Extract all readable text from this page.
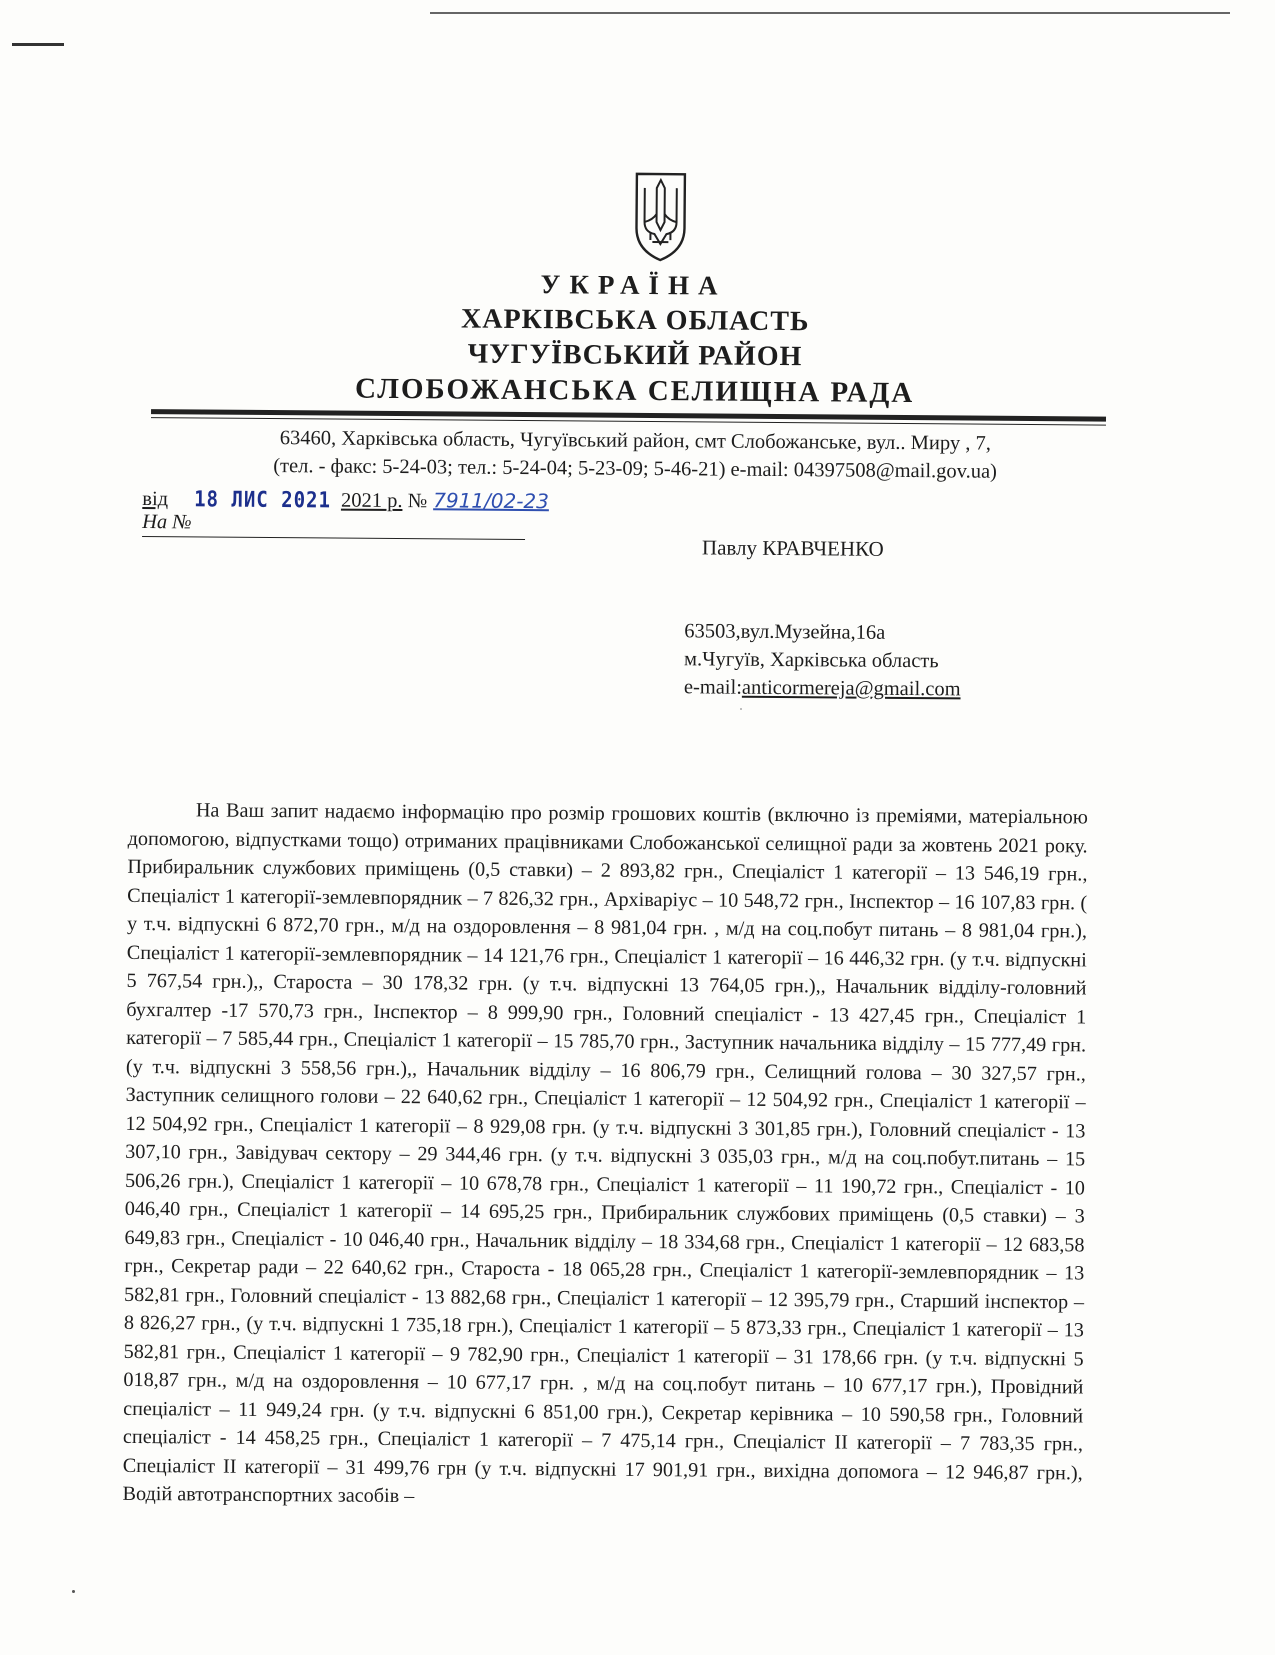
УКРАЇНА
ХАРКІВСЬКА ОБЛАСТЬ
ЧУГУЇВСЬКИЙ РАЙОН
СЛОБОЖАНСЬКА СЕЛИЩНА РАДА
63460, Харківська область, Чугуївський район, смт Слобожанське, вул.. Миру , 7,
(тел. - факс: 5-24-03; тел.: 5-24-04; 5-23-09; 5-46-21) e-mail: 04397508@mail.gov.ua)
від 18 ЛИС 2021 2021 р. № 7911/02-23
На №
Павлу КРАВЧЕНКО
63503,вул.Музейна,16а
м.Чугуїв, Харківська область
e-mail:anticormereja@gmail.com

На Ваш запит надаємо інформацію про розмір грошових коштів (включно із преміями, матеріальною допомогою, відпустками тощо) отриманих працівниками Слобожанської селищної ради за жовтень 2021 року. Прибиральник службових приміщень (0,5 ставки) – 2 893,82 грн., Спеціаліст 1 категорії – 13 546,19 грн., Спеціаліст 1 категорії-землевпорядник – 7 826,32 грн., Архіваріус – 10 548,72 грн., Інспектор – 16 107,83 грн. ( у т.ч. відпускні 6 872,70 грн., м/д на оздоровлення – 8 981,04 грн. , м/д на соц.побут питань – 8 981,04 грн.), Спеціаліст 1 категорії-землевпорядник – 14 121,76 грн., Спеціаліст 1 категорії – 16 446,32 грн. (у т.ч. відпускні 5 767,54 грн.),, Староста – 30 178,32 грн. (у т.ч. відпускні 13 764,05 грн.),, Начальник відділу-головний бухгалтер -17 570,73 грн., Інспектор – 8 999,90 грн., Головний спеціаліст - 13 427,45 грн., Спеціаліст 1 категорії – 7 585,44 грн., Спеціаліст 1 категорії – 15 785,70 грн., Заступник начальника відділу – 15 777,49 грн. (у т.ч. відпускні 3 558,56 грн.),, Начальник відділу – 16 806,79 грн., Селищний голова – 30 327,57 грн., Заступник селищного голови – 22 640,62 грн., Спеціаліст 1 категорії – 12 504,92 грн., Спеціаліст 1 категорії – 12 504,92 грн., Спеціаліст 1 категорії – 8 929,08 грн. (у т.ч. відпускні 3 301,85 грн.), Головний спеціаліст - 13 307,10 грн., Завідувач сектору – 29 344,46 грн. (у т.ч. відпускні 3 035,03 грн., м/д на соц.побут.питань – 15 506,26 грн.), Спеціаліст 1 категорії – 10 678,78 грн., Спеціаліст 1 категорії – 11 190,72 грн., Спеціаліст - 10 046,40 грн., Спеціаліст 1 категорії – 14 695,25 грн., Прибиральник службових приміщень (0,5 ставки) – 3 649,83 грн., Спеціаліст - 10 046,40 грн., Начальник відділу – 18 334,68 грн., Спеціаліст 1 категорії – 12 683,58 грн., Секретар ради – 22 640,62 грн., Староста - 18 065,28 грн., Спеціаліст 1 категорії-землевпорядник – 13 582,81 грн., Головний спеціаліст - 13 882,68 грн., Спеціаліст 1 категорії – 12 395,79 грн., Старший інспектор – 8 826,27 грн., (у т.ч. відпускні 1 735,18 грн.), Спеціаліст 1 категорії – 5 873,33 грн., Спеціаліст 1 категорії – 13 582,81 грн., Спеціаліст 1 категорії – 9 782,90 грн., Спеціаліст 1 категорії – 31 178,66 грн. (у т.ч. відпускні 5 018,87 грн., м/д на оздоровлення – 10 677,17 грн. , м/д на соц.побут питань – 10 677,17 грн.), Провідний спеціаліст – 11 949,24 грн. (у т.ч. відпускні 6 851,00 грн.), Секретар керівника – 10 590,58 грн., Головний спеціаліст - 14 458,25 грн., Спеціаліст 1 категорії – 7 475,14 грн., Спеціаліст ІІ категорії – 7 783,35 грн., Спеціаліст ІІ категорії – 31 499,76 грн (у т.ч. відпускні 17 901,91 грн., вихідна допомога – 12 946,87 грн.), Водій автотранспортних засобів –
